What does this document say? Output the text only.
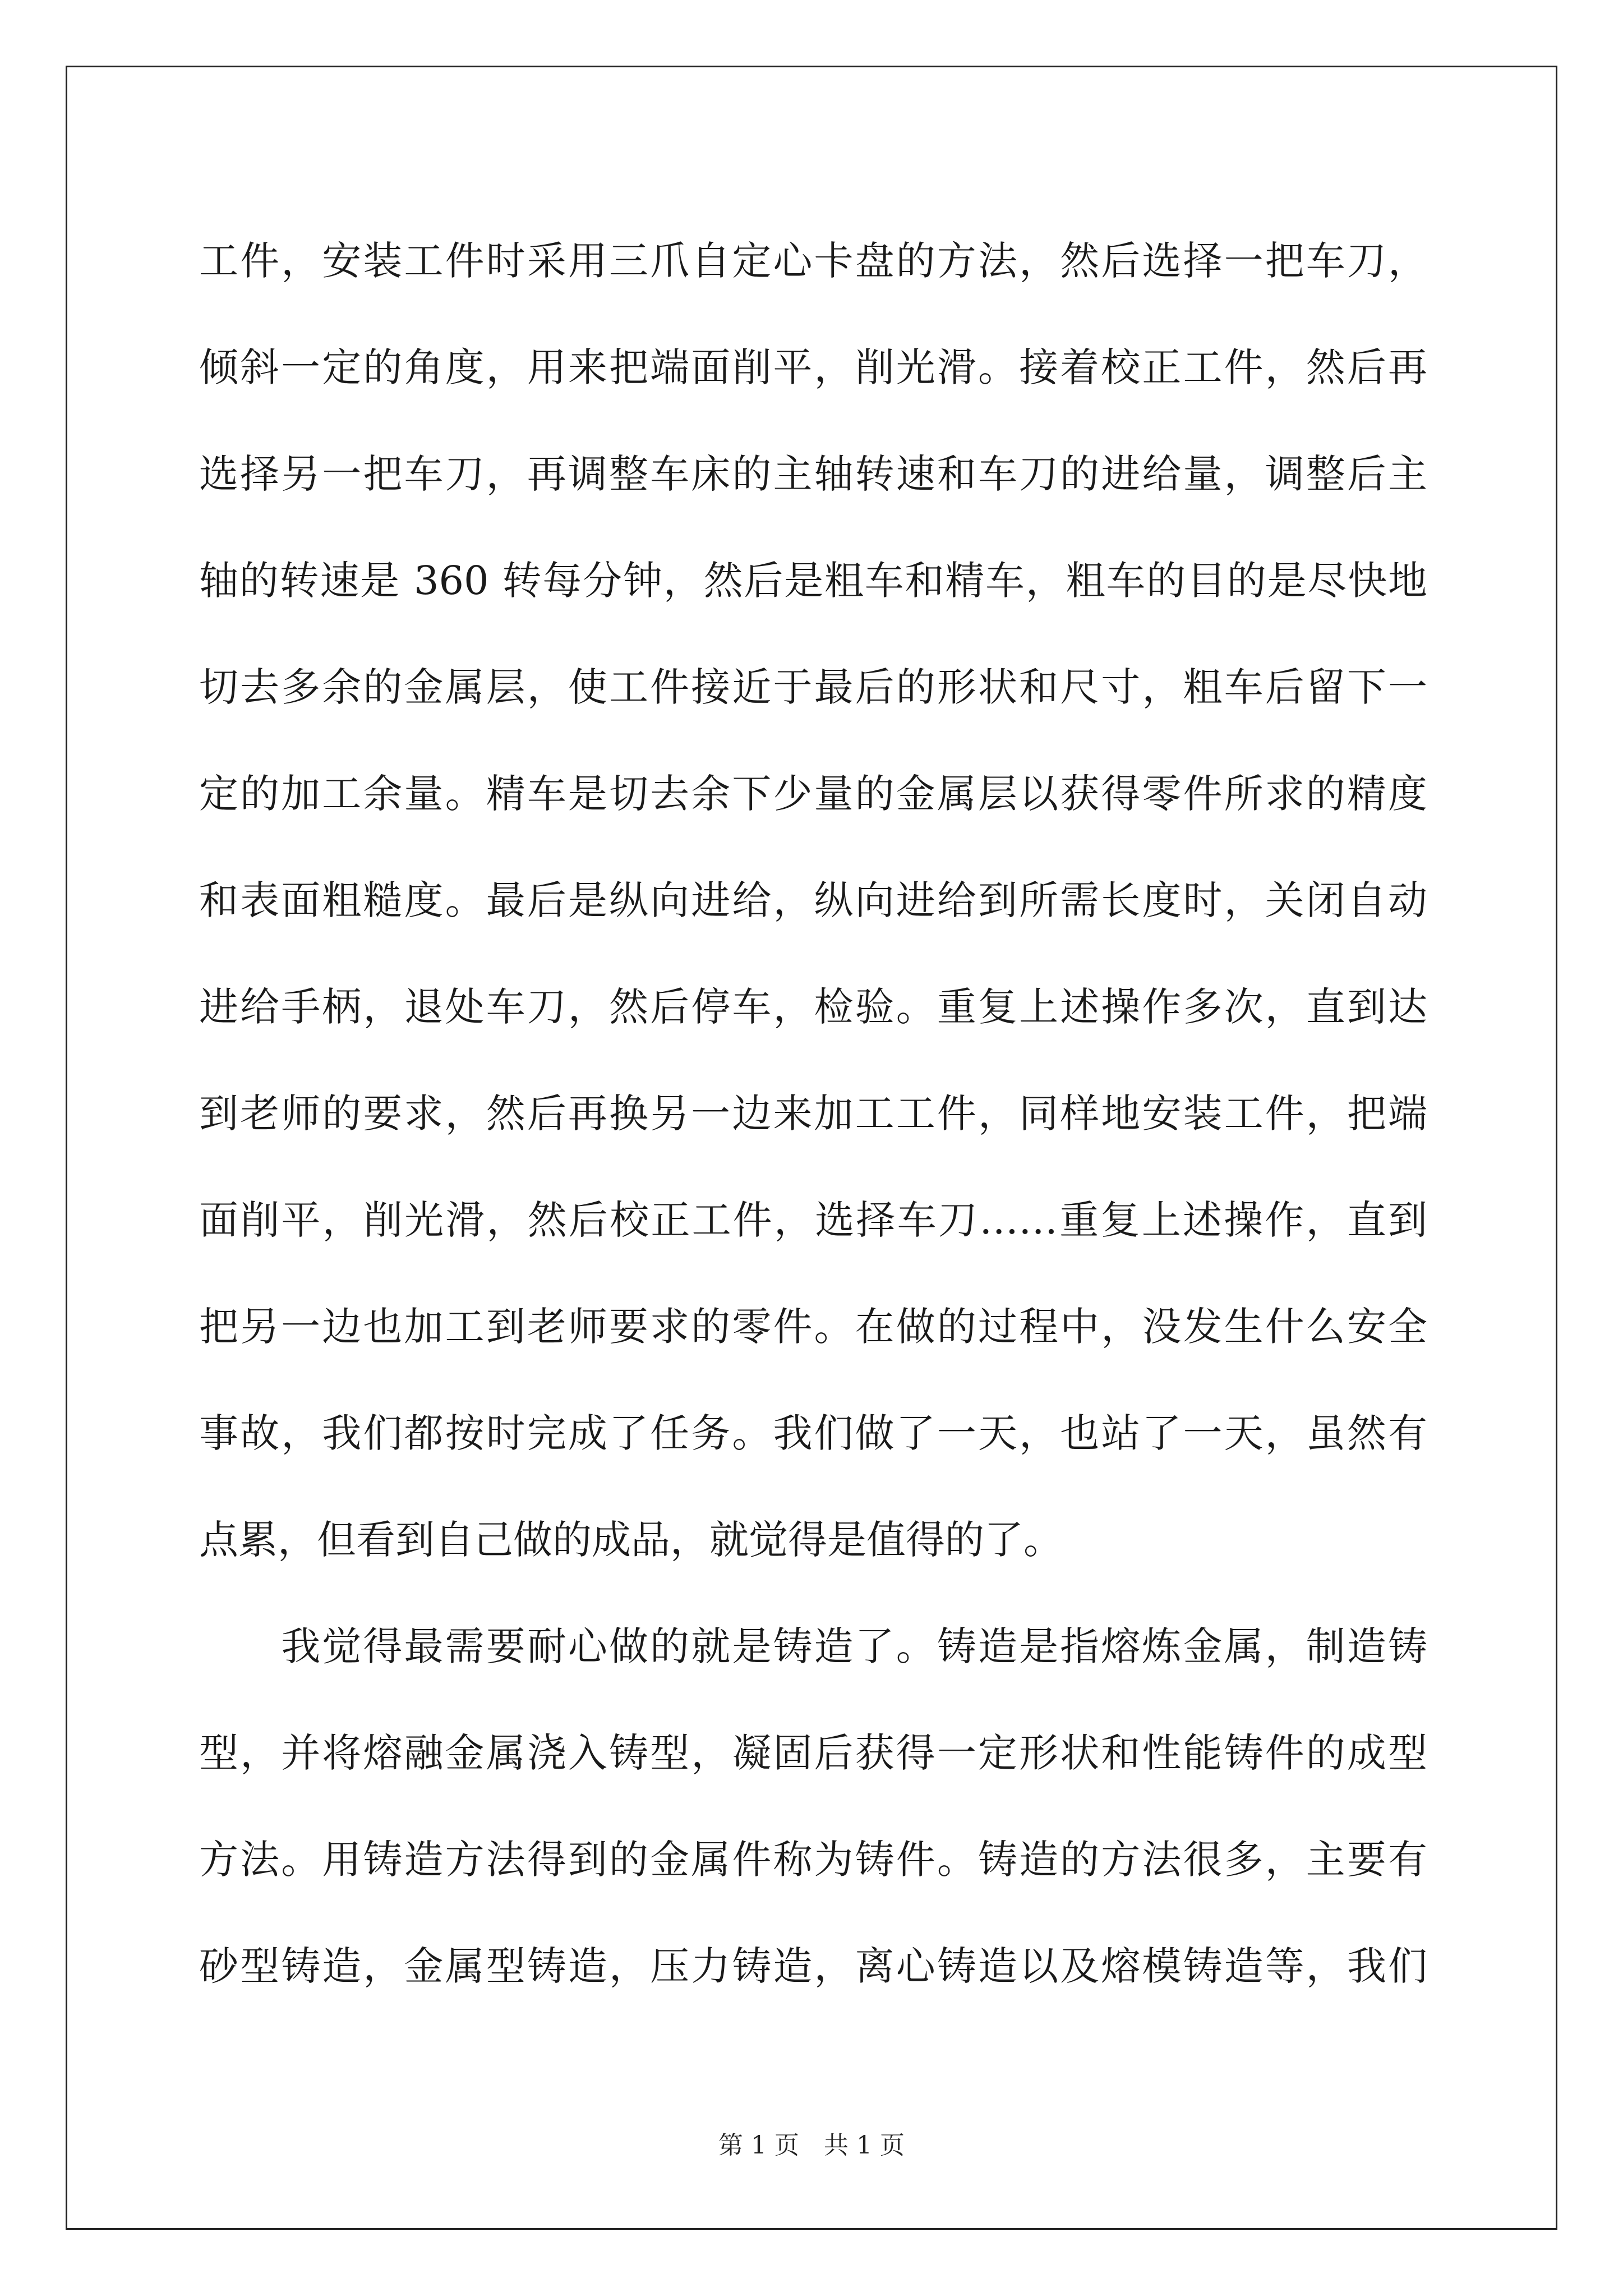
工件，安装工件时采用三爪自定心卡盘的方法，然后选择一把车刀，
倾斜一定的角度，用来把端面削平，削光滑。接着校正工件，然后再
选择另一把车刀，再调整车床的主轴转速和车刀的进给量，调整后主
轴的转速是 360 转每分钟，然后是粗车和精车，粗车的目的是尽快地
切去多余的金属层，使工件接近于最后的形状和尺寸，粗车后留下一
定的加工余量。精车是切去余下少量的金属层以获得零件所求的精度
和表面粗糙度。最后是纵向进给，纵向进给到所需长度时，关闭自动
进给手柄，退处车刀，然后停车，检验。重复上述操作多次，直到达
到老师的要求，然后再换另一边来加工工件，同样地安装工件，把端
面削平，削光滑，然后校正工件，选择车刀……重复上述操作，直到
把另一边也加工到老师要求的零件。在做的过程中，没发生什么安全
事故，我们都按时完成了任务。我们做了一天，也站了一天，虽然有
点累，但看到自己做的成品，就觉得是值得的了。
　　我觉得最需要耐心做的就是铸造了。铸造是指熔炼金属，制造铸
型，并将熔融金属浇入铸型，凝固后获得一定形状和性能铸件的成型
方法。用铸造方法得到的金属件称为铸件。铸造的方法很多，主要有
砂型铸造，金属型铸造，压力铸造，离心铸造以及熔模铸造等，我们
第 1 页　共 1 页
